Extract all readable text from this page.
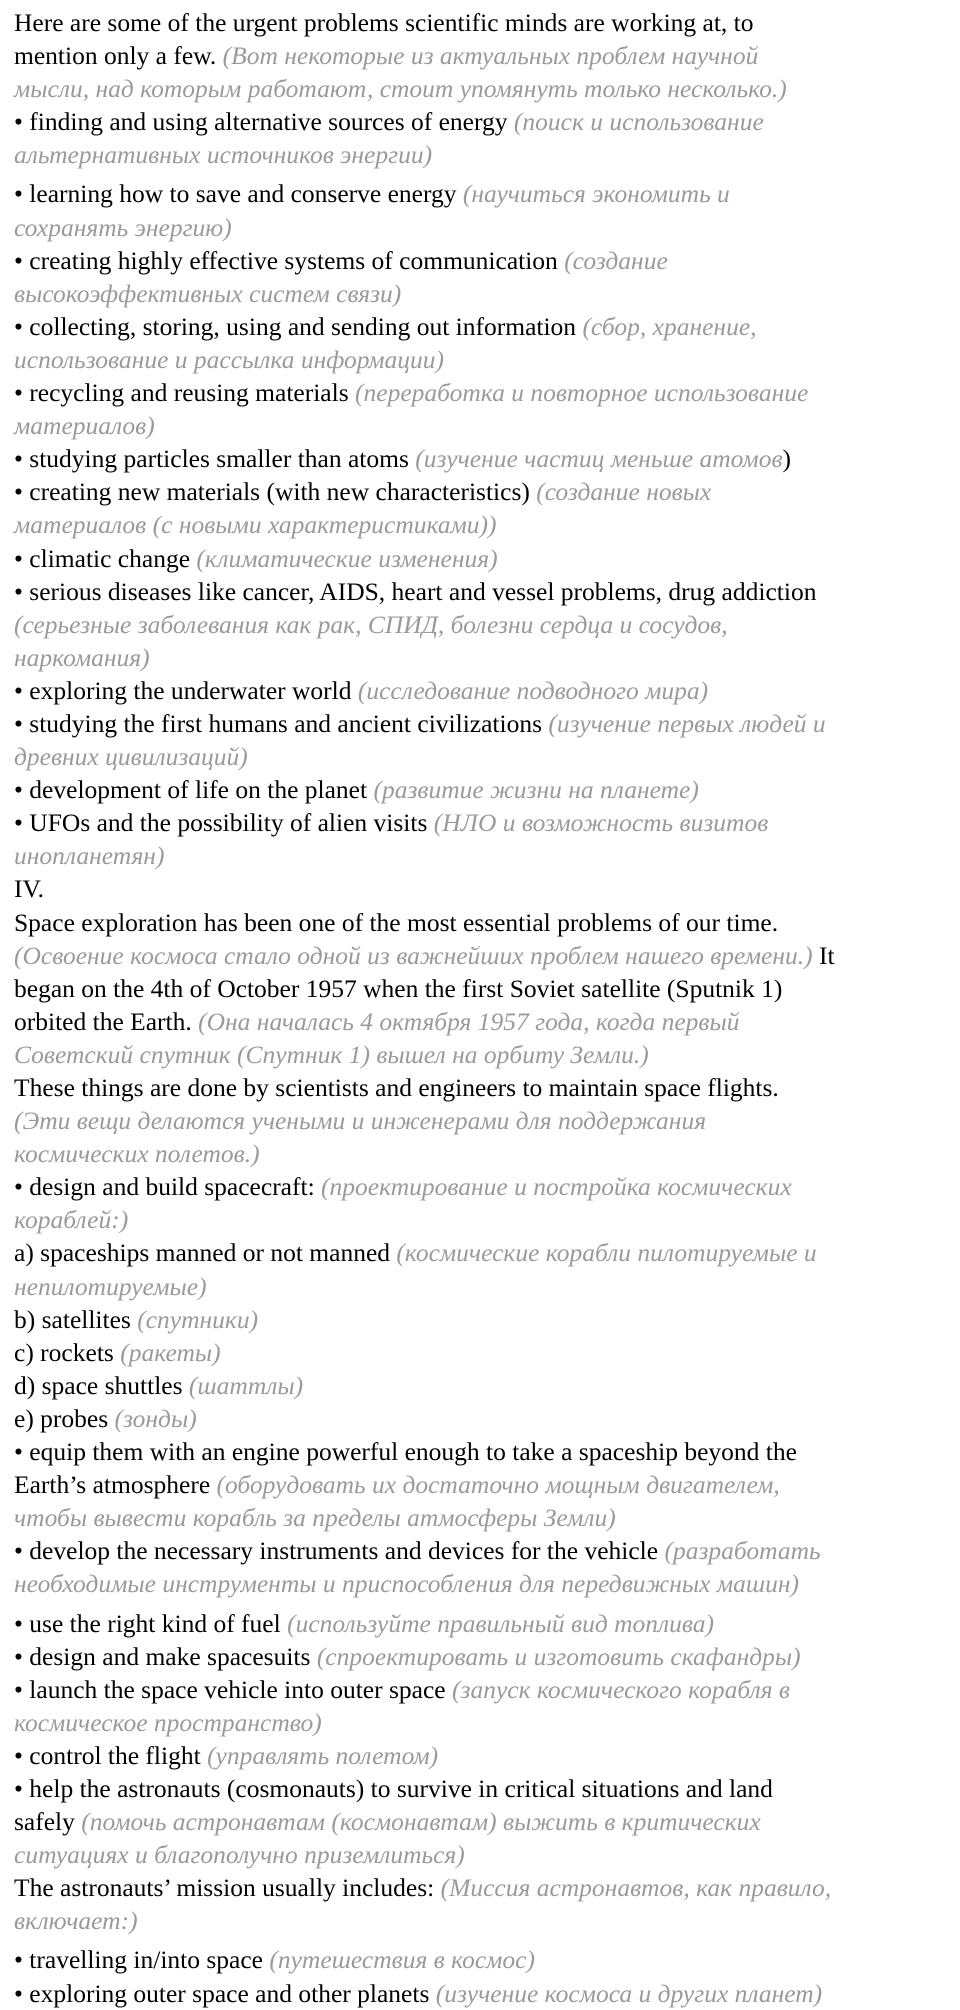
Here are some of the urgent problems scientific minds are working at, to
mention only a few. (Вот некоторые из актуальных проблем научной
мысли, над которым работают, стоит упомянуть только несколько.)
• finding and using alternative sources of energy (поиск и использование
альтернативных источников энергии)
• learning how to save and conserve energy (научиться экономить и
сохранять энергию)
• creating highly effective systems of communication (создание
высокоэффективных систем связи)
• collecting, storing, using and sending out information (сбор, хранение,
использование и рассылка информации)
• recycling and reusing materials (переработка и повторное использование
материалов)
• studying particles smaller than atoms (изучение частиц меньше атомов)
• creating new materials (with new characteristics) (создание новых
материалов (с новыми характеристиками))
• climatic change (климатические изменения)
• serious diseases like cancer, AIDS, heart and vessel problems, drug addiction
(серьезные заболевания как рак, СПИД, болезни сердца и сосудов,
наркомания)
• exploring the underwater world (исследование подводного мира)
• studying the first humans and ancient civilizations (изучение первых людей и
древних цивилизаций)
• development of life on the planet (развитие жизни на планете)
• UFOs and the possibility of alien visits (НЛО и возможность визитов
инопланетян)
IV.
Space exploration has been one of the most essential problems of our time.
(Освоение космоса стало одной из важнейших проблем нашего времени.) It
began on the 4th of October 1957 when the first Soviet satellite (Sputnik 1)
orbited the Earth. (Она началась 4 октября 1957 года, когда первый
Советский спутник (Спутник 1) вышел на орбиту Земли.)
These things are done by scientists and engineers to maintain space flights.
(Эти вещи делаются учеными и инженерами для поддержания
космических полетов.)
• design and build spacecraft: (проектирование и постройка космических
кораблей:)
a) spaceships manned or not manned (космические корабли пилотируемые и
непилотируемые)
b) satellites (спутники)
c) rockets (ракеты)
d) space shuttles (шаттлы)
e) probes (зонды)
• equip them with an engine powerful enough to take a spaceship beyond the
Earth’s atmosphere (оборудовать их достаточно мощным двигателем,
чтобы вывести корабль за пределы атмосферы Земли)
• develop the necessary instruments and devices for the vehicle (разработать
необходимые инструменты и приспособления для передвижных машин)
• use the right kind of fuel (используйте правильный вид топлива)
• design and make spacesuits (спроектировать и изготовить скафандры)
• launch the space vehicle into outer space (запуск космического корабля в
космическое пространство)
• control the flight (управлять полетом)
• help the astronauts (cosmonauts) to survive in critical situations and land
safely (помочь астронавтам (космонавтам) выжить в критических
ситуациях и благополучно приземлиться)
The astronauts’ mission usually includes: (Миссия астронавтов, как правило,
включает:)
• travelling in/into space (путешествия в космос)
• exploring outer space and other planets (изучение космоса и других планет)
